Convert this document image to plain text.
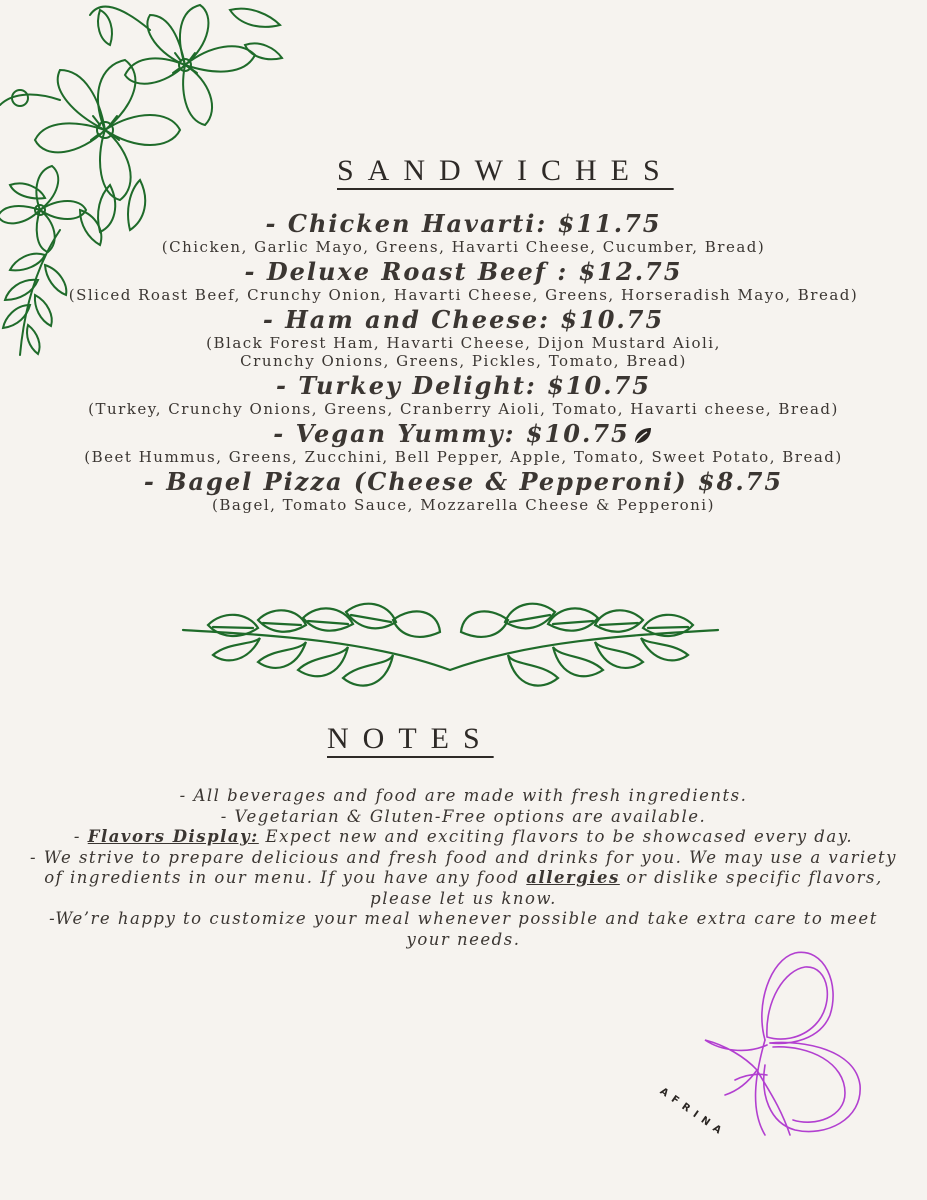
SANDWICHES
- Chicken Havarti: $11.75
(Chicken, Garlic Mayo, Greens, Havarti Cheese, Cucumber, Bread)
- Deluxe Roast Beef : $12.75
(Sliced Roast Beef, Crunchy Onion, Havarti Cheese, Greens, Horseradish Mayo, Bread)
- Ham and Cheese: $10.75
(Black Forest Ham, Havarti Cheese, Dijon Mustard Aioli,
Crunchy Onions, Greens, Pickles, Tomato, Bread)
- Turkey Delight: $10.75
(Turkey, Crunchy Onions, Greens, Cranberry Aioli, Tomato, Havarti cheese, Bread)
- Vegan Yummy: $10.75
(Beet Hummus, Greens, Zucchini, Bell Pepper, Apple, Tomato, Sweet Potato, Bread)
- Bagel Pizza (Cheese & Pepperoni) $8.75
(Bagel, Tomato Sauce, Mozzarella Cheese & Pepperoni)
NOTES

- All beverages and food are made with fresh ingredients.

- Vegetarian & Gluten-Free options are available.

- Flavors Display: Expect new and exciting flavors to be showcased every day.

- We strive to prepare delicious and fresh food and drinks for you. We may use a variety of ingredients in our menu. If you have any food allergies or dislike specific flavors, please let us know.

-We’re happy to customize your meal whenever possible and take extra care to meet your needs.

AFRINA
